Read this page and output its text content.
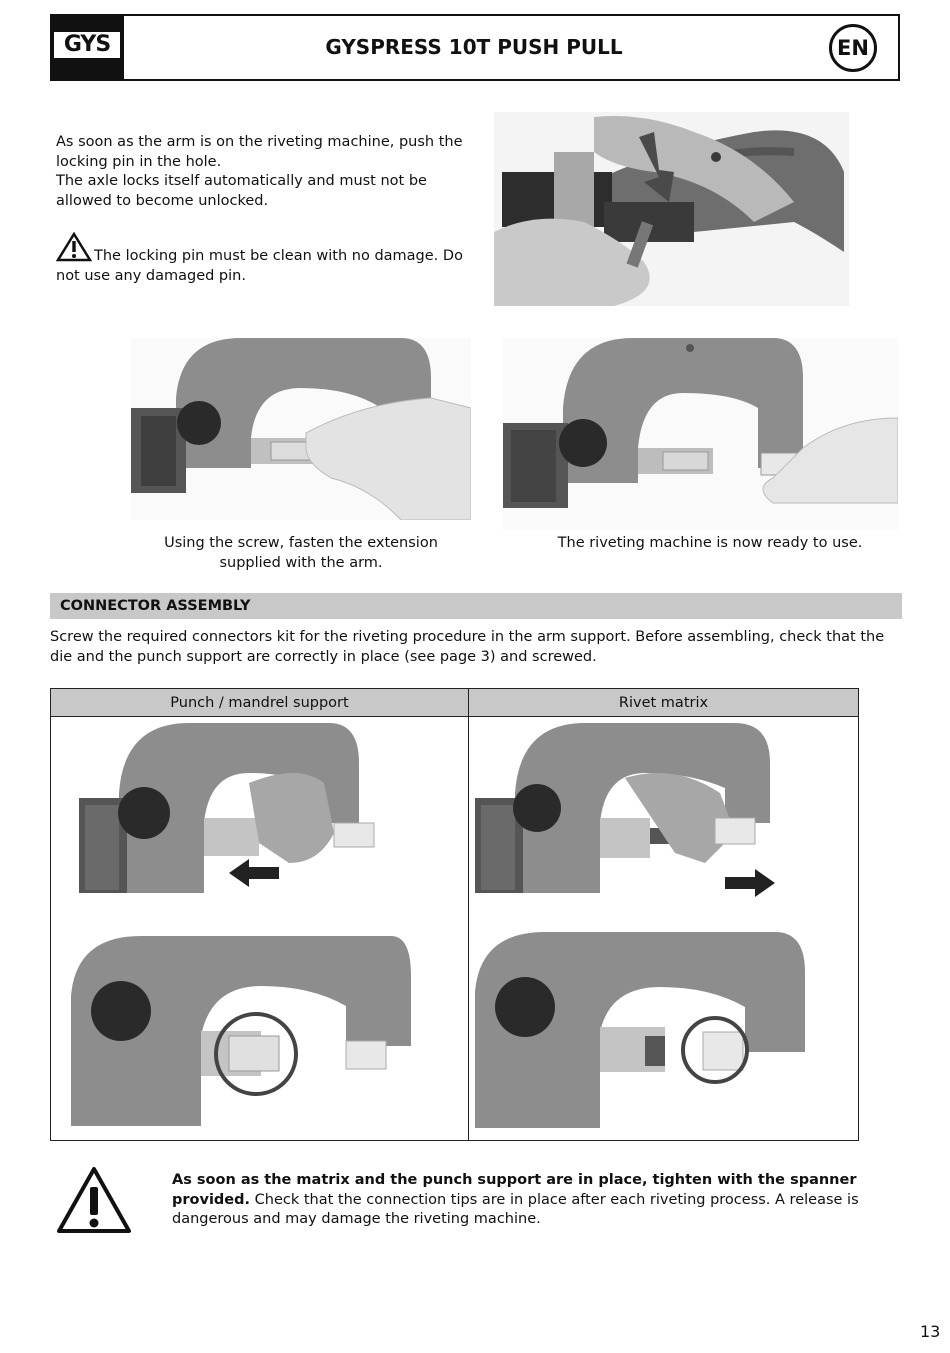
GYS	GYSPRESS 10T PUSH PULL	EN
As soon as the arm is on the riveting machine, push the locking pin in the hole.
The axle locks itself automatically and must not be allowed to become unlocked.
The locking pin must be clean with no damage. Do not use any damaged pin.
Using the screw, fasten the extension supplied with the arm.
The riveting machine is now ready to use.
CONNECTOR ASSEMBLY
Screw the required connectors kit for the riveting procedure in the arm support. Before assembling, check that the die and the punch support are correctly in place (see page 3) and screwed.
Punch / mandrel support	Rivet matrix
As soon as the matrix and the punch support are in place, tighten with the spanner provided. Check that the connection tips are in place after each riveting process. A release is dangerous and may damage the riveting machine.
13
